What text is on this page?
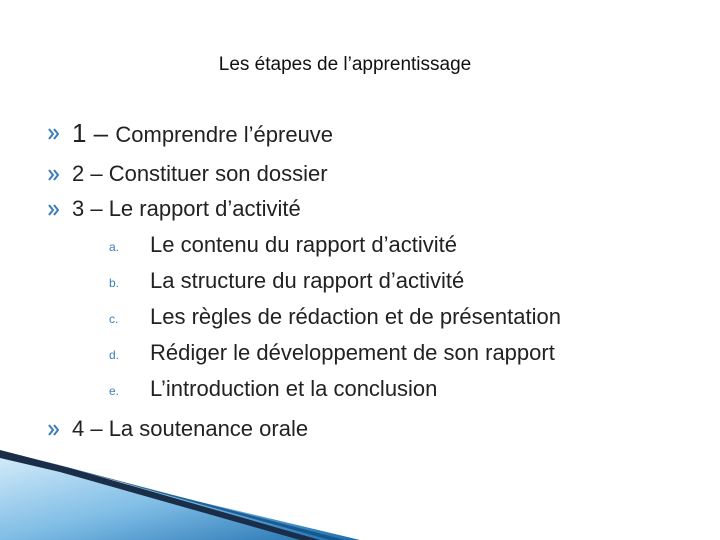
Les étapes de l’apprentissage
1 – Comprendre l’épreuve
2 – Constituer son dossier
3 – Le rapport d’activité
a. Le contenu du rapport d’activité
b. La structure du rapport d’activité
c. Les règles de rédaction et de présentation
d. Rédiger le développement de son rapport
e. L’introduction et la conclusion
4 – La soutenance orale
